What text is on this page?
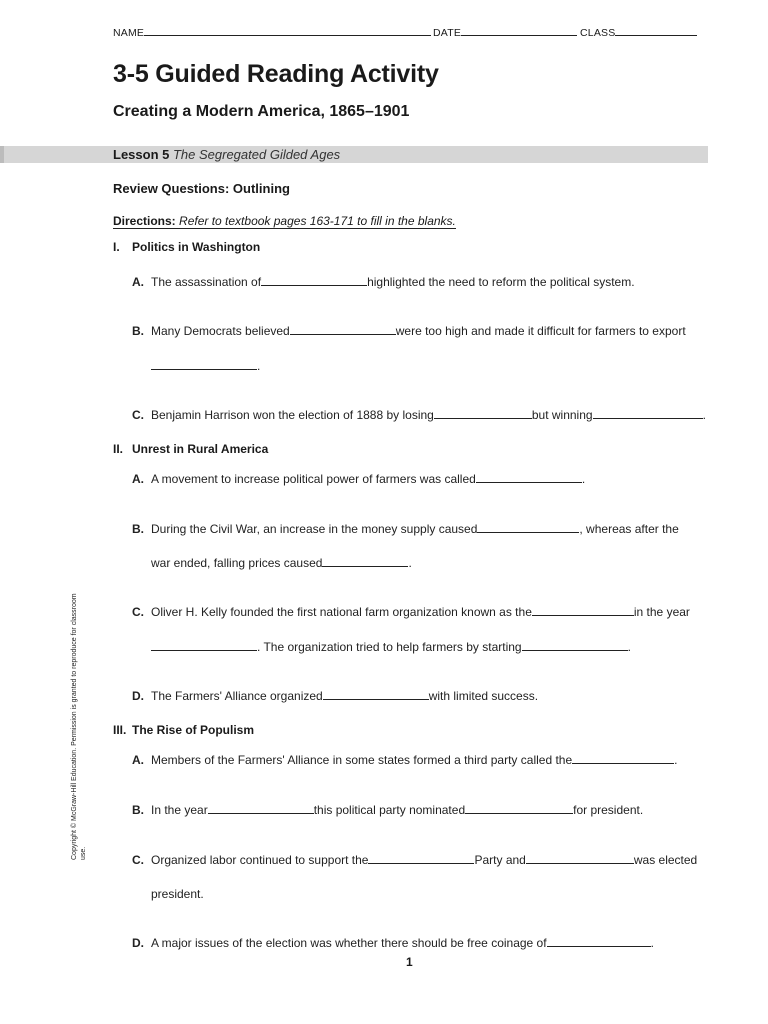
NAME	DATE	CLASS
3-5 Guided Reading Activity
Creating a Modern America, 1865–1901
Lesson 5 The Segregated Gilded Ages
Review Questions: Outlining
Directions: Refer to textbook pages 163-171 to fill in the blanks.
I. Politics in Washington
A. The assassination of	highlighted the need to reform the political system.
B. Many Democrats believed	were too high and made it difficult for farmers to export
.
C. Benjamin Harrison won the election of 1888 by losing	but winning	.
II. Unrest in Rural America
A. A movement to increase political power of farmers was called	.
B. During the Civil War, an increase in the money supply caused	, whereas after the
war ended, falling prices caused	.
C. Oliver H. Kelly founded the first national farm organization known as the	in the year
. The organization tried to help farmers by starting	.
D. The Farmers' Alliance organized	with limited success.
III. The Rise of Populism
A. Members of the Farmers' Alliance in some states formed a third party called the	.
B. In the year	this political party nominated	for president.
C. Organized labor continued to support the	Party and	was elected
president.
D. A major issues of the election was whether there should be free coinage of	.
Copyright © McGraw-Hill Education. Permission is granted to reproduce for classroom use.
1
